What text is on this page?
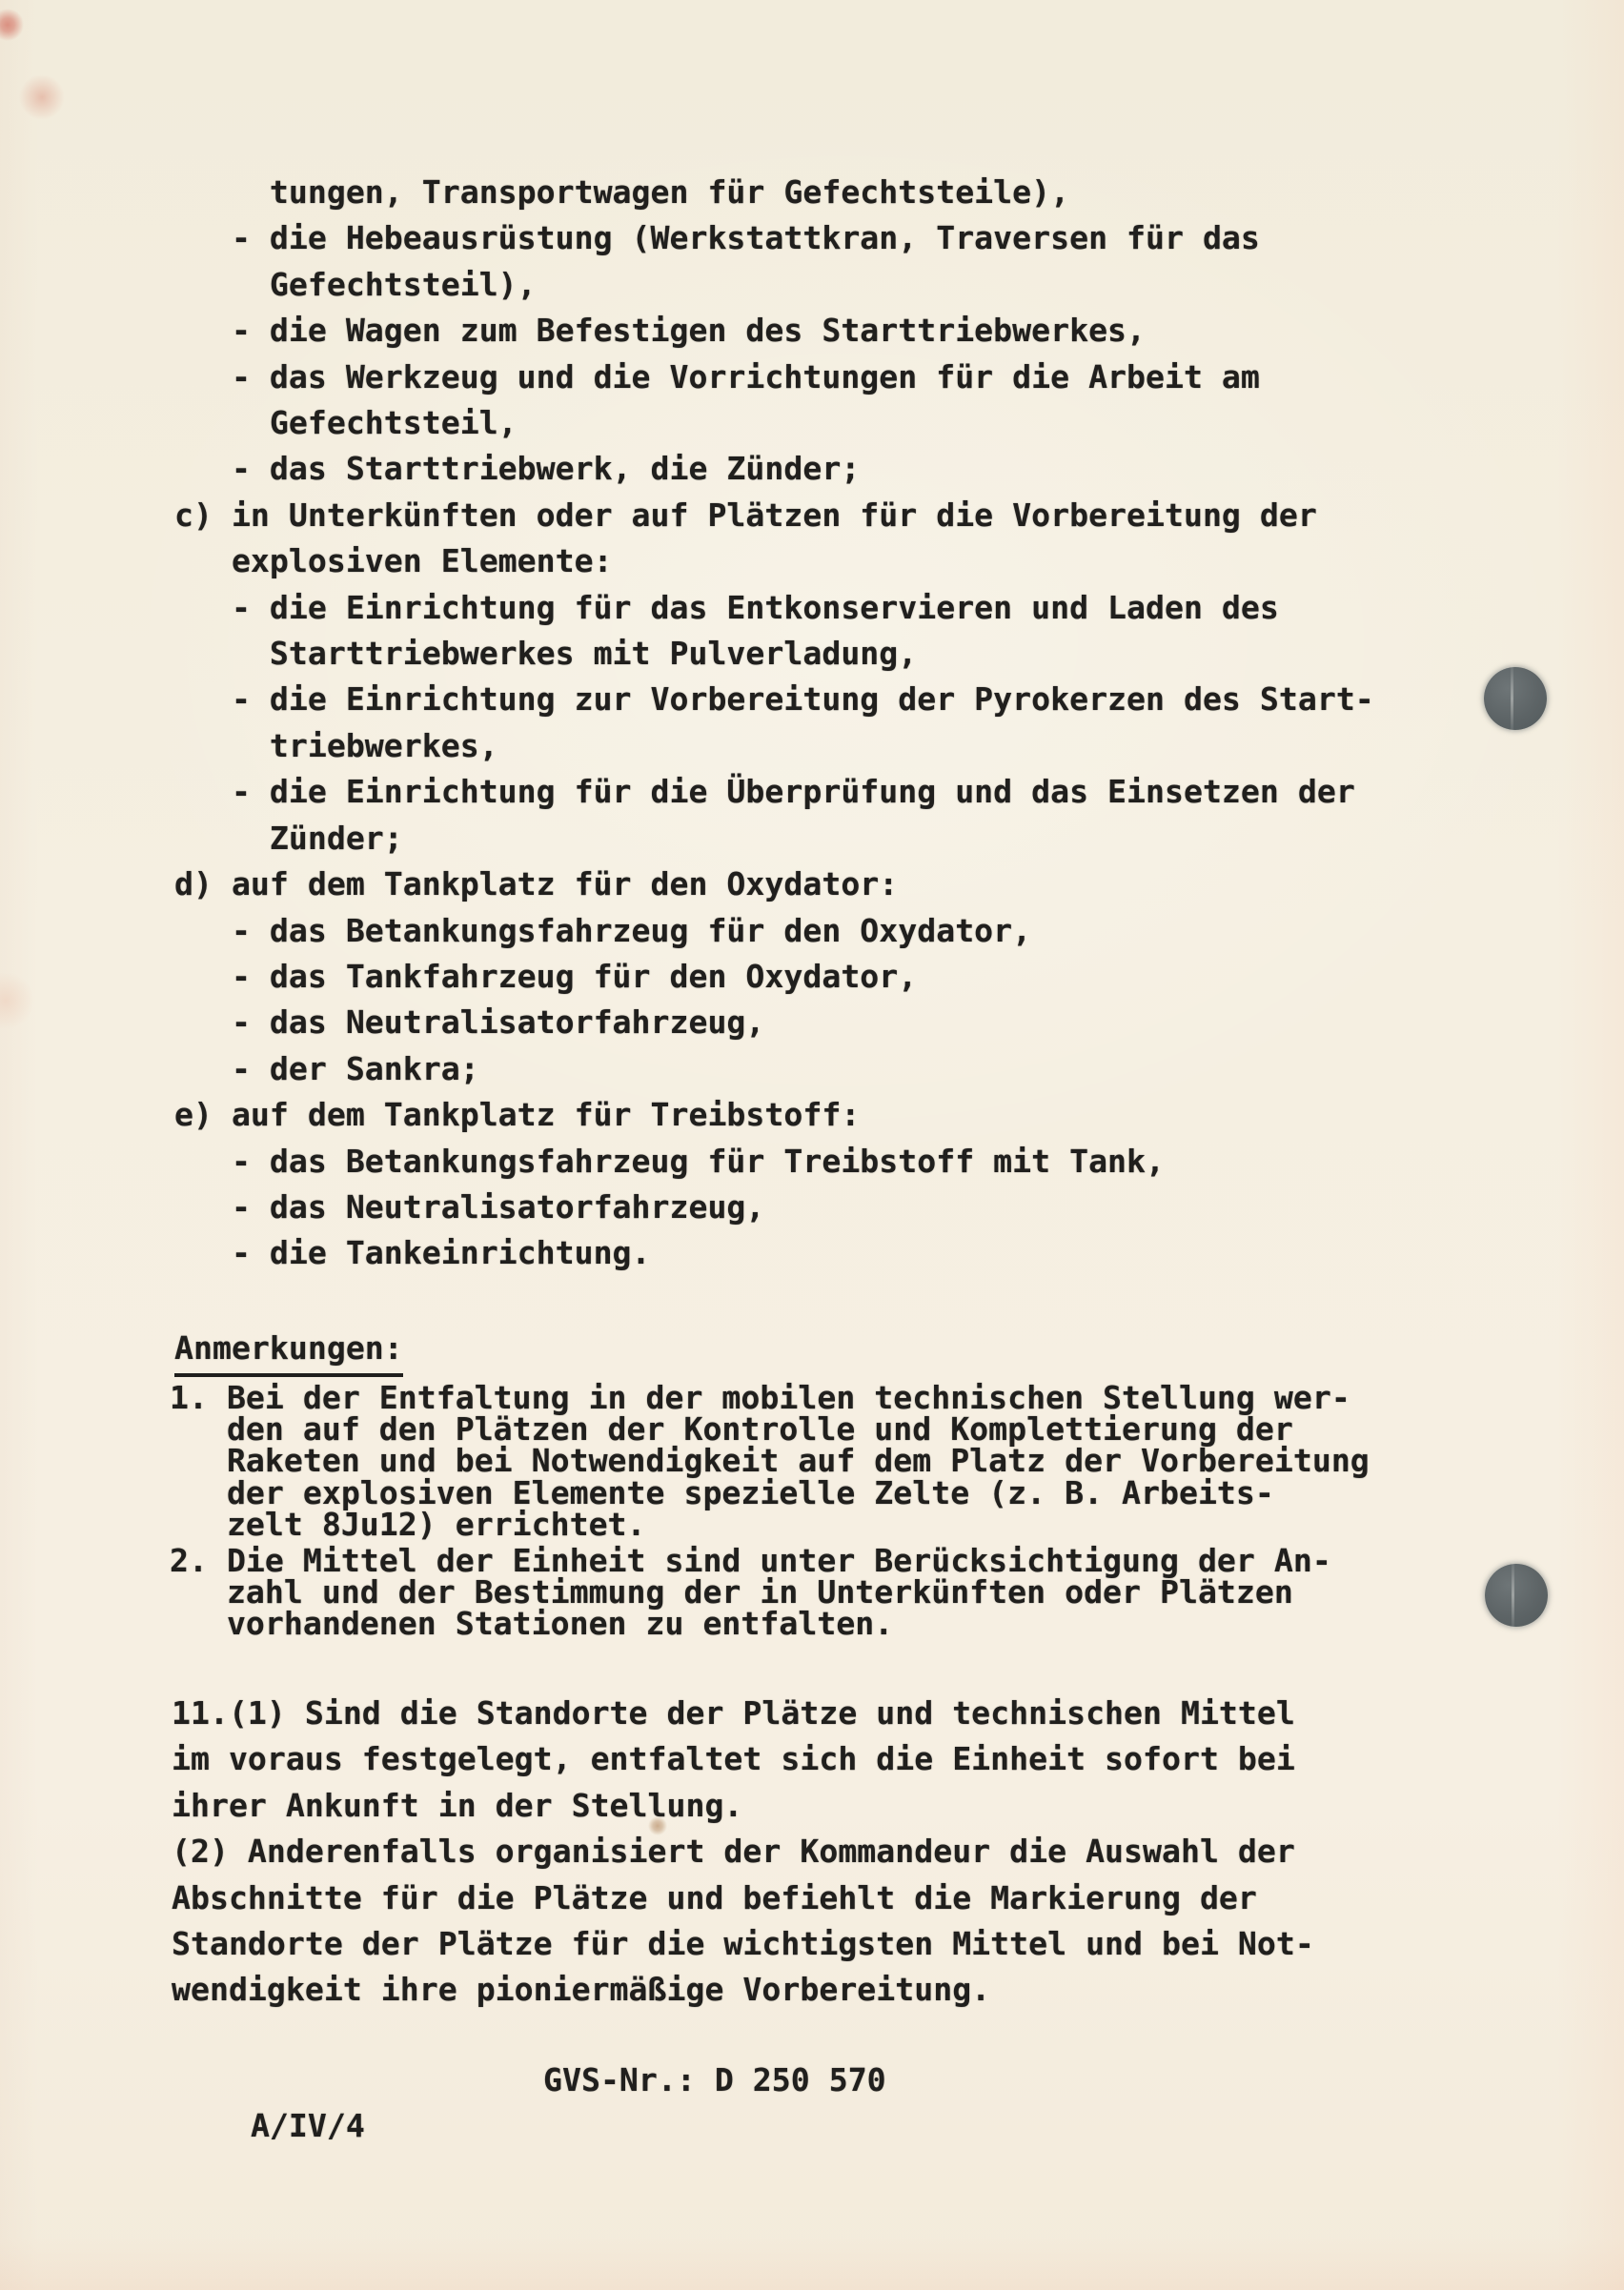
tungen, Transportwagen für Gefechtsteile),
- die Hebeausrüstung (Werkstattkran, Traversen für das
Gefechtsteil),
- die Wagen zum Befestigen des Starttriebwerkes,
- das Werkzeug und die Vorrichtungen für die Arbeit am
Gefechtsteil,
- das Starttriebwerk, die Zünder;
c) in Unterkünften oder auf Plätzen für die Vorbereitung der
explosiven Elemente:
- die Einrichtung für das Entkonservieren und Laden des
Starttriebwerkes mit Pulverladung,
- die Einrichtung zur Vorbereitung der Pyrokerzen des Start-
triebwerkes,
- die Einrichtung für die Überprüfung und das Einsetzen der
Zünder;
d) auf dem Tankplatz für den Oxydator:
- das Betankungsfahrzeug für den Oxydator,
- das Tankfahrzeug für den Oxydator,
- das Neutralisatorfahrzeug,
- der Sankra;
e) auf dem Tankplatz für Treibstoff:
- das Betankungsfahrzeug für Treibstoff mit Tank,
- das Neutralisatorfahrzeug,
- die Tankeinrichtung.
Anmerkungen:
1. Bei der Entfaltung in der mobilen technischen Stellung wer-
den auf den Plätzen der Kontrolle und Komplettierung der
Raketen und bei Notwendigkeit auf dem Platz der Vorbereitung
der explosiven Elemente spezielle Zelte (z. B. Arbeits-
zelt 8Ju12) errichtet.
2. Die Mittel der Einheit sind unter Berücksichtigung der An-
zahl und der Bestimmung der in Unterkünften oder Plätzen
vorhandenen Stationen zu entfalten.
11.(1) Sind die Standorte der Plätze und technischen Mittel
im voraus festgelegt, entfaltet sich die Einheit sofort bei
ihrer Ankunft in der Stellung.
(2) Anderenfalls organisiert der Kommandeur die Auswahl der
Abschnitte für die Plätze und befiehlt die Markierung der
Standorte der Plätze für die wichtigsten Mittel und bei Not-
wendigkeit ihre pioniermäßige Vorbereitung.

A/IV/4

GVS-Nr.: D 250 570
